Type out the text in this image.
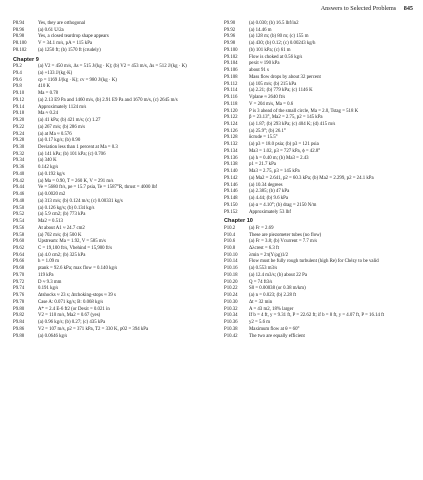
Answers to Selected Problems 845
P8.94	Yes, they are orthogonal
P8.96	(a) 0.61 U/2a
P8.98	Yes, a closed teardrop shape appears
P8.100	V = 34.1 m/s, pA = 115 kPa
P8.102	(a) 1250 ft; (b) 1570 ft (crudely)
Chapter 9
P9.2	(a) V2 = 450 m/s, Δs = 515 J/(kg · K); (b) V2 = 453 m/s, Δs = 512 J/(kg · K)
P9.4	(a) +133 J/(kg·K)
P9.6	cp = 1169 J/(kg · K); cv = 980 J/(kg · K)
P9.8	410 K
P9.10	Ma = 0.78
P9.12	(a) 2.13 E9 Pa and 1460 m/s, (b) 2.91 E9 Pa and 1670 m/s, (c) 2645 m/s
P9.14	Approximately 1124 m/s
P9.18	Ma ≈ 0.24
P9.20	(a) 41 kPa; (b) 421 m/s; (c) 1.27
P9.22	(a) 267 m/s; (b) 286 m/s
P9.24	(a) at Ma ≈ 0.576
P9.28	(a) 0.17 kg/s; (b) 0.90
P9.30	Deviation less than 1 percent at Ma = 0.3
P9.32	(a) 141 kPa; (b) 101 kPa; (c) 0.706
P9.34	(a) 340 K
P9.36	0.142 kg/s
P9.40	(a) 0.192 kg/s
P9.42	(a) Ma = 0.90, T = 260 K, V = 291 m/s
P9.44	Ve = 5680 ft/s, pe = 15.7 psia, Te = 1587°R, thrust = 4000 lbf
P9.46	(a) 0.0020 m2
P9.48	(a) 313 m/s; (b) 0.124 m/s; (c) 0.00331 kg/s
P9.50	(a) 0.126 kg/s; (b) 0.134 kg/s
P9.52	(a) 5.9 cm2; (b) 773 kPa
P9.54	Ma2 = 0.513
P9.56	At about A1 ≈ 24.7 cm2
P9.58	(a) 702 m/s; (b) 500 K
P9.60	Upstream: Ma = 1.92, V = 585 m/s
P9.62	C = 19,100 ft/s, Vbehind = 15,900 ft/s
P9.64	(a) 4.0 cm2; (b) 325 kPa
P9.66	h = 1.09 m
P9.68	ptank = 92.6 kPa; max flow = 0.140 kg/s
P9.70	119 kPa
P9.72	D ≈ 9.3 mm
P9.74	0.191 kg/s
P9.76	Δtshocks ≈ 23 s; Δtchoking-stops ≈ 39 s
P9.78	Case A: 0.071 kg/s; B: 0.068 kg/s
P9.80	A* = 2.4 E-6 ft2 (or Dexit = 0.021 in
P9.82	V2 = 110 m/s, Ma2 = 0.67 (yes)
P9.84	(a) 0.96 kg/s; (b) 0.27; (c) 435 kPa
P9.86	V2 = 107 m/s, p2 = 371 kPa, T2 = 330 K, p02 = 394 kPa
P9.88	(a) 0.0646 kg/s
P9.90	(a) 0.030; (b) 16.5 lbf/in2
P9.92	(a) 14.46 m
P9.96	(a) 128 m; (b) 80 m; (c) 155 m
P9.98	(a) 430; (b) 0.12; (c) 0.00243 kg/h
P9.100	(b) 101 kPa; (c) 61 m
P9.102	Flow is choked at 0.56 kg/s
P9.104	pexit ≈ 190 kPa
P9.106	about 91 s
P9.108	Mass flow drops by about 32 percent
P9.112	(a) 105 m/s; (b) 215 kPa
P9.114	(a) 2.21; (b) 779 kPa; (c) 1146 K
P9.116	Vplane ≈ 2640 ft/s
P9.118	V = 204 m/s, Ma = 0.6
P9.120	P is 3 ahead of the small circle, Ma = 2.0, Tstag = 518 K
P9.122	β = 23.13°, Ma2 = 2.75, p2 = 145 kPa
P9.124	(a) 1.87; (b) 293 kPa; (c) 404 K; (d) 415 m/s
P9.126	(a) 25.9°; (b) 26.1°
P9.128	δcrude = 15.5°
P9.132	(a) p3 = 18.0 psia; (b) p3 = 121 psia
P9.134	Ma3 = 1.02, p3 = 727 kPa, ϕ = 42.8°
P9.136	(a) h = 0.40 m; (b) Ma3 = 2.43
P9.138	p1 = 21.7 kPa
P9.140	Ma3 = 2.75, p3 = 145 kPa
P9.142	(a) Ma2 = 2.641, p2 = 60.3 kPa; (b) Ma2 = 2.299, p2 = 24.1 kPa
P9.146	(a) 10.34 degrees
P9.146	(a) 2.385; (b) 47 kPa
P9.148	(a) 4.44; (b) 9.6 kPa
P9.150	(a) α = 4.10°; (b) drag = 2150 N/m
P9.152	Approximately 53 lbf
Chapter 10
P10.2	(a) Fr = 2.69
P10.4	These are piezometer tubes (no flow)
P10.6	(a) Fr = 3.8; (b) Vcurrent = 7.7 m/s
P10.8	Δλcrest = 6.3 ft
P10.10	λmin = 2π(Y/ρg)1/2
P10.14	Flow must be fully rough turbulent (high Re) for Chézy to be valid
P10.16	(a) 0.553 m3/s
P10.18	(a) 12.4 m3/s; (b) about 22 Pa
P10.20	Q = 74 ft3/s
P10.22	S0 = 0.00038 (or 0.38 m/km)
P10.24	(a) n = 0.023; (b) 2.28 ft
P10.30	Δt = 32 min
P10.32	A = 43 m2, 18% larger
P10.34	If b = 4 ft, y = 9.31 ft, P = 22.62 ft; if b = 8 ft, y = 4.07 ft, P = 16.14 ft
P10.36	y2 = 5.6 m
P10.38	Maximum flow at θ = 60°
P10.42	The two are equally efficient
